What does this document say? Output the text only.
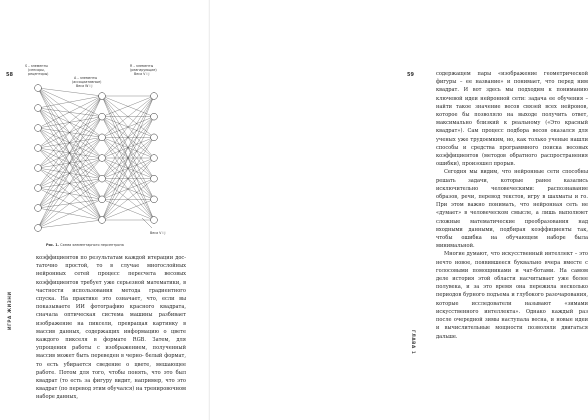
58
ИГРА ЖИЗНИ
S – элементы
(сенсоры,
рецепторы)
А – элементы
(ассоциативные)
Веса W i j
R – элементы
(реагирующие)
Веса V i j
Веса V i j
Рис. 1. Схема элементарного персептрона

коэффициентов по результатам каждой итерации дос- таточно простой, то в случае многослойных нейронных сетей процесс пересчета весовых коэффициентов требует уже серьезной математики, в частности использования метода градиентного спуска. На практике это означает, что, если вы показываете ИИ фотографию красного квадрата, сначала оптическая система машины разбивает изображение на пиксели, превращая картинку в массив данных, содержащих информацию о цвете каждого пикселя в формате RGB. Затем, для упрощения работы с изображением, полученный массив может быть переведен в черно- белый формат, то есть убирается сведение о цвете, мешающее работе. Потом для того, чтобы понять, что это был квадрат (то есть за фигуру видит, например, что это квадрат (по перевод этим обучался) на тренировочном наборе данных,

59	содержащем пары «изображение геометрической фигуры – ее название» и понимает, что перед ним квадрат. И вот здесь мы подходим к пониманию ключевой идеи нейронной сети: задача ее обучения – найти такое значение весов связей всех нейронов, которое бы позволяло на выходе получить ответ, максимально близкий к реальному («Это красный квадрат»). Сам процесс подбора весов оказался для ученых уже трудоемким, но, как только ученые нашли способы и средства программного поиска весовых коэффициентов (методов обратного распространения ошибки), произошел прорыв.

Сегодня мы видим, что нейронные сети способны решать задачи, которые ранее казались исключительно человеческими: распознавание образов, речи, перевод текстов, игру в шахматы и го. При этом важно понимать, что нейронная сеть не «думает» в человеческом смысле, а лишь выполняет сложные математические преобразования над входными данными, подбирая коэффициенты так, чтобы ошибка на обучающем наборе была минимальной.

Многие думают, что искусственный интеллект – это нечто новое, появившееся буквально вчера вместе с голосовыми помощниками и чат-ботами. На самом деле история этой области насчитывает уже более полувека, и за это время она пережила несколько периодов бурного подъема и глубокого разочарования, которые исследователи называют «зимами искусственного интеллекта». Однако каждый раз после очередной зимы наступала весна, и новые идеи и вычислительные мощности позволяли двигаться дальше.

ГЛАВА 1
